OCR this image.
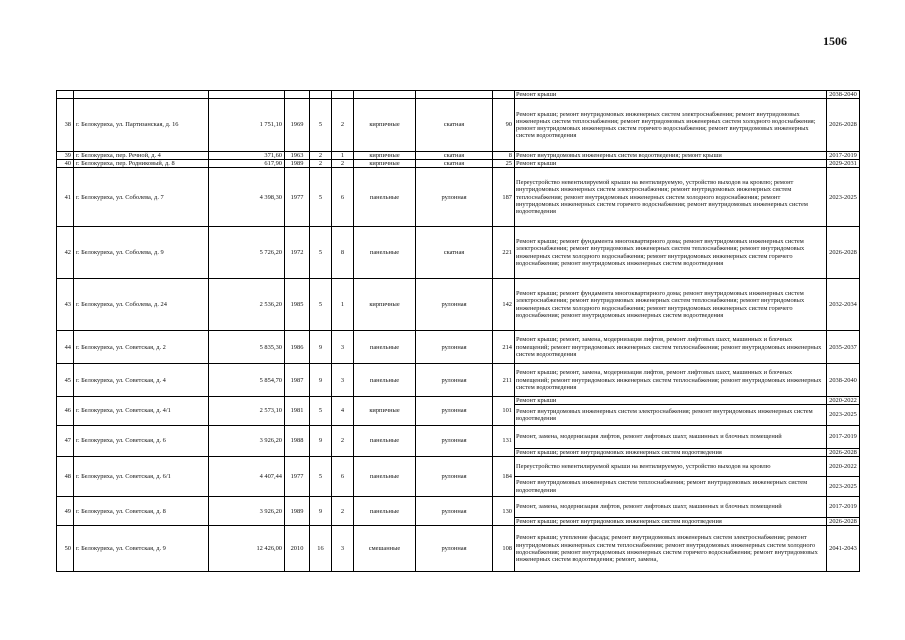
1506
									Ремонт крыши	2038-2040
38	г. Белокуриха, ул. Партизанская, д. 16	1 751,10	1969	5	2	кирпичные	скатная	90	Ремонт крыши; ремонт внутридомовых инженерных систем электроснабжения; ремонт внутридомовых инженерных систем теплоснабжения; ремонт внутридомовых инженерных систем холодного водоснабжения; ремонт внутридомовых инженерных систем горячего водоснабжения; ремонт внутридомовых инженерных систем водоотведения	2026-2028
39	г. Белокуриха, пер. Речной, д. 4	371,60	1963	2	1	кирпичные	скатная	8	Ремонт внутридомовых инженерных систем водоотведения; ремонт крыши	2017-2019
40	г. Белокуриха, пер. Родниковый, д. 8	617,90	1989	2	2	кирпичные	скатная	25	Ремонт крыши	2029-2031
41	г. Белокуриха, ул. Соболева, д. 7	4 398,30	1977	5	6	панельные	рулонная	187	Переустройство невентилируемой крыши на вентилируемую, устройство выходов на кровлю; ремонт внутридомовых инженерных систем электроснабжения; ремонт внутридомовых инженерных систем теплоснабжения; ремонт внутридомовых инженерных систем холодного водоснабжения; ремонт внутридомовых инженерных систем горячего водоснабжения; ремонт внутридомовых инженерных систем водоотведения	2023-2025
42	г. Белокуриха, ул. Соболева, д. 9	5 726,20	1972	5	8	панельные	скатная	221	Ремонт крыши; ремонт фундамента многоквартирного дома; ремонт внутридомовых инженерных систем электроснабжения; ремонт внутридомовых инженерных систем теплоснабжения; ремонт внутридомовых инженерных систем холодного водоснабжения; ремонт внутридомовых инженерных систем горячего водоснабжения; ремонт внутридомовых инженерных систем водоотведения	2026-2028
43	г. Белокуриха, ул. Соболева, д. 24	2 536,20	1985	5	1	кирпичные	рулонная	142	Ремонт крыши; ремонт фундамента многоквартирного дома; ремонт внутридомовых инженерных систем электроснабжения; ремонт внутридомовых инженерных систем теплоснабжения; ремонт внутридомовых инженерных систем холодного водоснабжения; ремонт внутридомовых инженерных систем горячего водоснабжения; ремонт внутридомовых инженерных систем водоотведения	2032-2034
44	г. Белокуриха, ул. Советская, д. 2	5 835,30	1986	9	3	панельные	рулонная	214	Ремонт крыши; ремонт, замена, модернизация лифтов, ремонт лифтовых шахт, машинных и блочных помещений; ремонт внутридомовых инженерных систем теплоснабжения; ремонт внутридомовых инженерных систем водоотведения	2035-2037
45	г. Белокуриха, ул. Советская, д. 4	5 854,70	1987	9	3	панельные	рулонная	211	Ремонт крыши; ремонт, замена, модернизация лифтов, ремонт лифтовых шахт, машинных и блочных помещений; ремонт внутридомовых инженерных систем теплоснабжения; ремонт внутридомовых инженерных систем водоотведения	2038-2040
46	г. Белокуриха, ул. Советская, д. 4/1	2 573,10	1981	5	4	кирпичные	рулонная	101	Ремонт крыши	2020-2022
									Ремонт внутридомовых инженерных систем электроснабжения; ремонт внутридомовых инженерных систем водоотведения	2023-2025
47	г. Белокуриха, ул. Советская, д. 6	3 926,20	1988	9	2	панельные	рулонная	131	Ремонт, замена, модернизация лифтов, ремонт лифтовых шахт, машинных и блочных помещений	2017-2019
									Ремонт крыши; ремонт внутридомовых инженерных систем водоотведения	2026-2028
48	г. Белокуриха, ул. Советская, д. 6/1	4 407,44	1977	5	6	панельные	рулонная	184	Переустройство невентилируемой крыши на вентилируемую, устройство выходов на кровлю	2020-2022
									Ремонт внутридомовых инженерных систем теплоснабжения; ремонт внутридомовых инженерных систем водоотведения	2023-2025
49	г. Белокуриха, ул. Советская, д. 8	3 926,20	1989	9	2	панельные	рулонная	130	Ремонт, замена, модернизация лифтов, ремонт лифтовых шахт, машинных и блочных помещений	2017-2019
									Ремонт крыши; ремонт внутридомовых инженерных систем водоотведения	2026-2028
50	г. Белокуриха, ул. Советская, д. 9	12 426,00	2010	16	3	смешанные	рулонная	108	Ремонт крыши; утепление фасада; ремонт внутридомовых инженерных систем электроснабжения; ремонт внутридомовых инженерных систем теплоснабжения; ремонт внутридомовых инженерных систем холодного водоснабжения; ремонт внутридомовых инженерных систем горячего водоснабжения; ремонт внутридомовых инженерных систем водоотведения; ремонт, замена,	2041-2043
